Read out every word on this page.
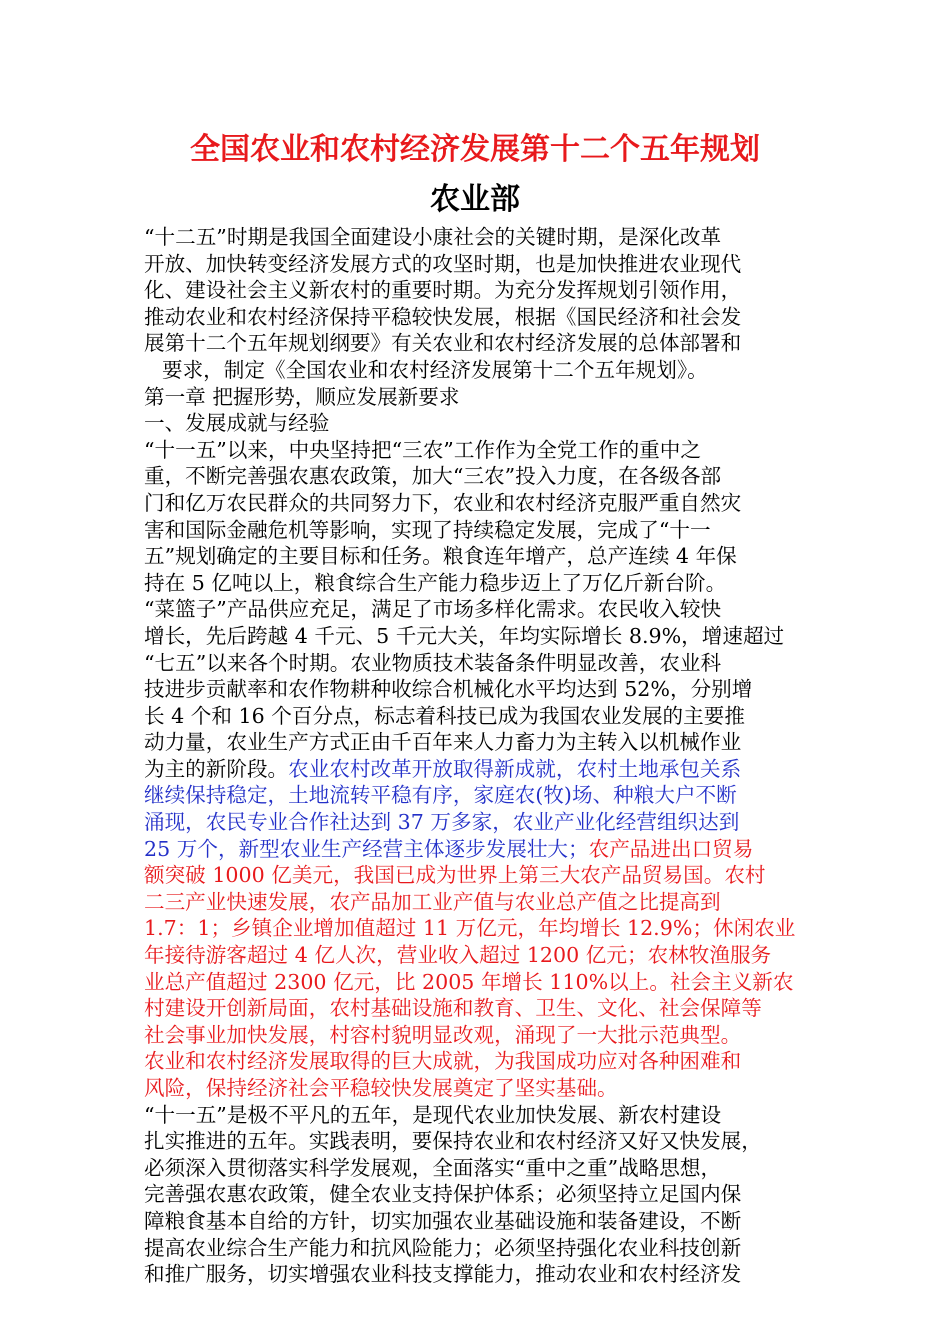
全国农业和农村经济发展第十二个五年规划
农业部
“十二五”时期是我国全面建设小康社会的关键时期，是深化改革
开放、加快转变经济发展方式的攻坚时期，也是加快推进农业现代
化、建设社会主义新农村的重要时期。为充分发挥规划引领作用，
推动农业和农村经济保持平稳较快发展，根据《国民经济和社会发
展第十二个五年规划纲要》有关农业和农村经济发展的总体部署和
要求，制定《全国农业和农村经济发展第十二个五年规划》。
第一章 把握形势，顺应发展新要求
一、发展成就与经验
“十一五”以来，中央坚持把“三农”工作作为全党工作的重中之
重，不断完善强农惠农政策，加大“三农”投入力度，在各级各部
门和亿万农民群众的共同努力下，农业和农村经济克服严重自然灾
害和国际金融危机等影响，实现了持续稳定发展，完成了“十一
五”规划确定的主要目标和任务。粮食连年增产，总产连续 4 年保
持在 5 亿吨以上，粮食综合生产能力稳步迈上了万亿斤新台阶。
“菜篮子”产品供应充足，满足了市场多样化需求。农民收入较快
增长，先后跨越 4 千元、5 千元大关，年均实际增长 8.9%，增速超过
“七五”以来各个时期。农业物质技术装备条件明显改善，农业科
技进步贡献率和农作物耕种收综合机械化水平均达到 52%，分别增
长 4 个和 16 个百分点，标志着科技已成为我国农业发展的主要推
动力量，农业生产方式正由千百年来人力畜力为主转入以机械作业
为主的新阶段。农业农村改革开放取得新成就，农村土地承包关系
继续保持稳定，土地流转平稳有序，家庭农(牧)场、种粮大户不断
涌现，农民专业合作社达到 37 万多家，农业产业化经营组织达到
25 万个，新型农业生产经营主体逐步发展壮大；农产品进出口贸易
额突破 1000 亿美元，我国已成为世界上第三大农产品贸易国。农村
二三产业快速发展，农产品加工业产值与农业总产值之比提高到
1.7：1；乡镇企业增加值超过 11 万亿元，年均增长 12.9%；休闲农业
年接待游客超过 4 亿人次，营业收入超过 1200 亿元；农林牧渔服务
业总产值超过 2300 亿元，比 2005 年增长 110%以上。社会主义新农
村建设开创新局面，农村基础设施和教育、卫生、文化、社会保障等
社会事业加快发展，村容村貌明显改观，涌现了一大批示范典型。
农业和农村经济发展取得的巨大成就，为我国成功应对各种困难和
风险，保持经济社会平稳较快发展奠定了坚实基础。
“十一五”是极不平凡的五年，是现代农业加快发展、新农村建设
扎实推进的五年。实践表明，要保持农业和农村经济又好又快发展，
必须深入贯彻落实科学发展观，全面落实“重中之重”战略思想，
完善强农惠农政策，健全农业支持保护体系；必须坚持立足国内保
障粮食基本自给的方针，切实加强农业基础设施和装备建设，不断
提高农业综合生产能力和抗风险能力；必须坚持强化农业科技创新
和推广服务，切实增强农业科技支撑能力，推动农业和农村经济发
